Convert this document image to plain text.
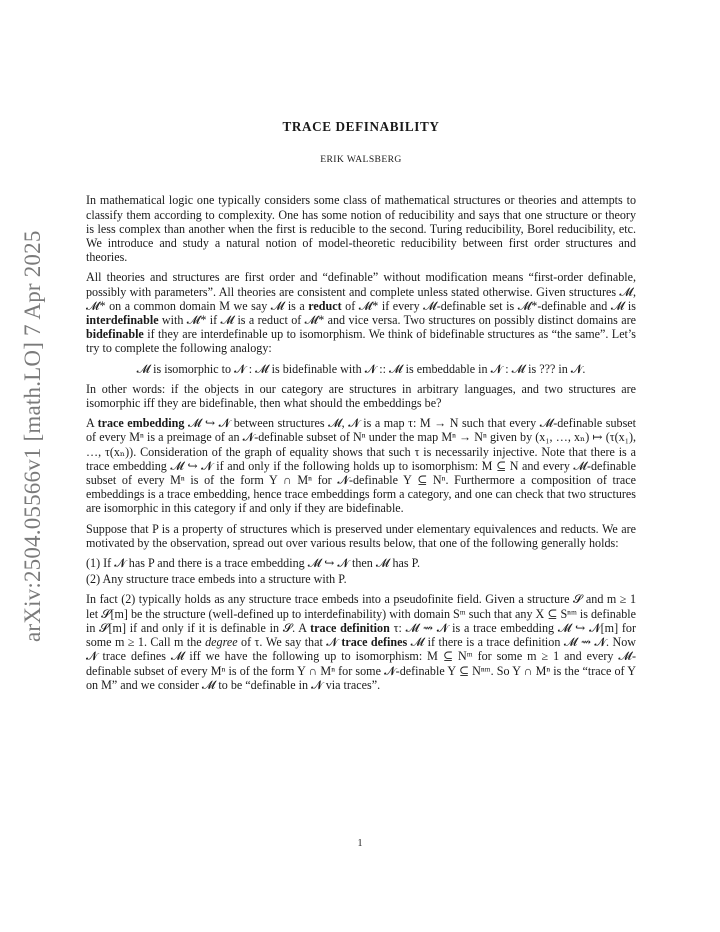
arXiv:2504.05566v1 [math.LO] 7 Apr 2025
TRACE DEFINABILITY
ERIK WALSBERG

In mathematical logic one typically considers some class of mathematical structures or theories and attempts to classify them according to complexity. One has some notion of reducibility and says that one structure or theory is less complex than another when the first is reducible to the second. Turing reducibility, Borel reducibility, etc. We introduce and study a natural notion of model-theoretic reducibility between first order structures and theories.

All theories and structures are first order and “definable” without modification means “first-order definable, possibly with parameters”. All theories are consistent and complete unless stated otherwise. Given structures 𝓜, 𝓜* on a common domain M we say 𝓜 is a reduct of 𝓜* if every 𝓜-definable set is 𝓜*-definable and 𝓜 is interdefinable with 𝓜* if 𝓜 is a reduct of 𝓜* and vice versa. Two structures on possibly distinct domains are bidefinable if they are interdefinable up to isomorphism. We think of bidefinable structures as “the same”. Let’s try to complete the following analogy:

𝓜 is isomorphic to 𝓝 : 𝓜 is bidefinable with 𝓝 :: 𝓜 is embeddable in 𝓝 : 𝓜 is ??? in 𝓝.

In other words: if the objects in our category are structures in arbitrary languages, and two structures are isomorphic iff they are bidefinable, then what should the embeddings be?

A trace embedding 𝓜 ↪ 𝓝 between structures 𝓜, 𝓝 is a map τ: M → N such that every 𝓜-definable subset of every Mⁿ is a preimage of an 𝓝-definable subset of Nⁿ under the map Mⁿ → Nⁿ given by (x₁, …, xₙ) ↦ (τ(x₁), …, τ(xₙ)). Consideration of the graph of equality shows that such τ is necessarily injective. Note that there is a trace embedding 𝓜 ↪ 𝓝 if and only if the following holds up to isomorphism: M ⊆ N and every 𝓜-definable subset of every Mⁿ is of the form Y ∩ Mⁿ for 𝓝-definable Y ⊆ Nⁿ. Furthermore a composition of trace embeddings is a trace embedding, hence trace embeddings form a category, and one can check that two structures are isomorphic in this category if and only if they are bidefinable.

Suppose that P is a property of structures which is preserved under elementary equivalences and reducts. We are motivated by the observation, spread out over various results below, that one of the following generally holds:

(1) If 𝓝 has P and there is a trace embedding 𝓜 ↪ 𝓝 then 𝓜 has P.

(2) Any structure trace embeds into a structure with P.

In fact (2) typically holds as any structure trace embeds into a pseudofinite field. Given a structure 𝓢 and m ≥ 1 let 𝓢[m] be the structure (well-defined up to interdefinability) with domain Sᵐ such that any X ⊆ Sⁿᵐ is definable in 𝓢[m] if and only if it is definable in 𝓢. A trace definition τ: 𝓜 ⇝ 𝓝 is a trace embedding 𝓜 ↪ 𝓝[m] for some m ≥ 1. Call m the degree of τ. We say that 𝓝 trace defines 𝓜 if there is a trace definition 𝓜 ⇝ 𝓝. Now 𝓝 trace defines 𝓜 iff we have the following up to isomorphism: M ⊆ Nᵐ for some m ≥ 1 and every 𝓜-definable subset of every Mⁿ is of the form Y ∩ Mⁿ for some 𝓝-definable Y ⊆ Nⁿᵐ. So Y ∩ Mⁿ is the “trace of Y on M” and we consider 𝓜 to be “definable in 𝓝 via traces”.

1
